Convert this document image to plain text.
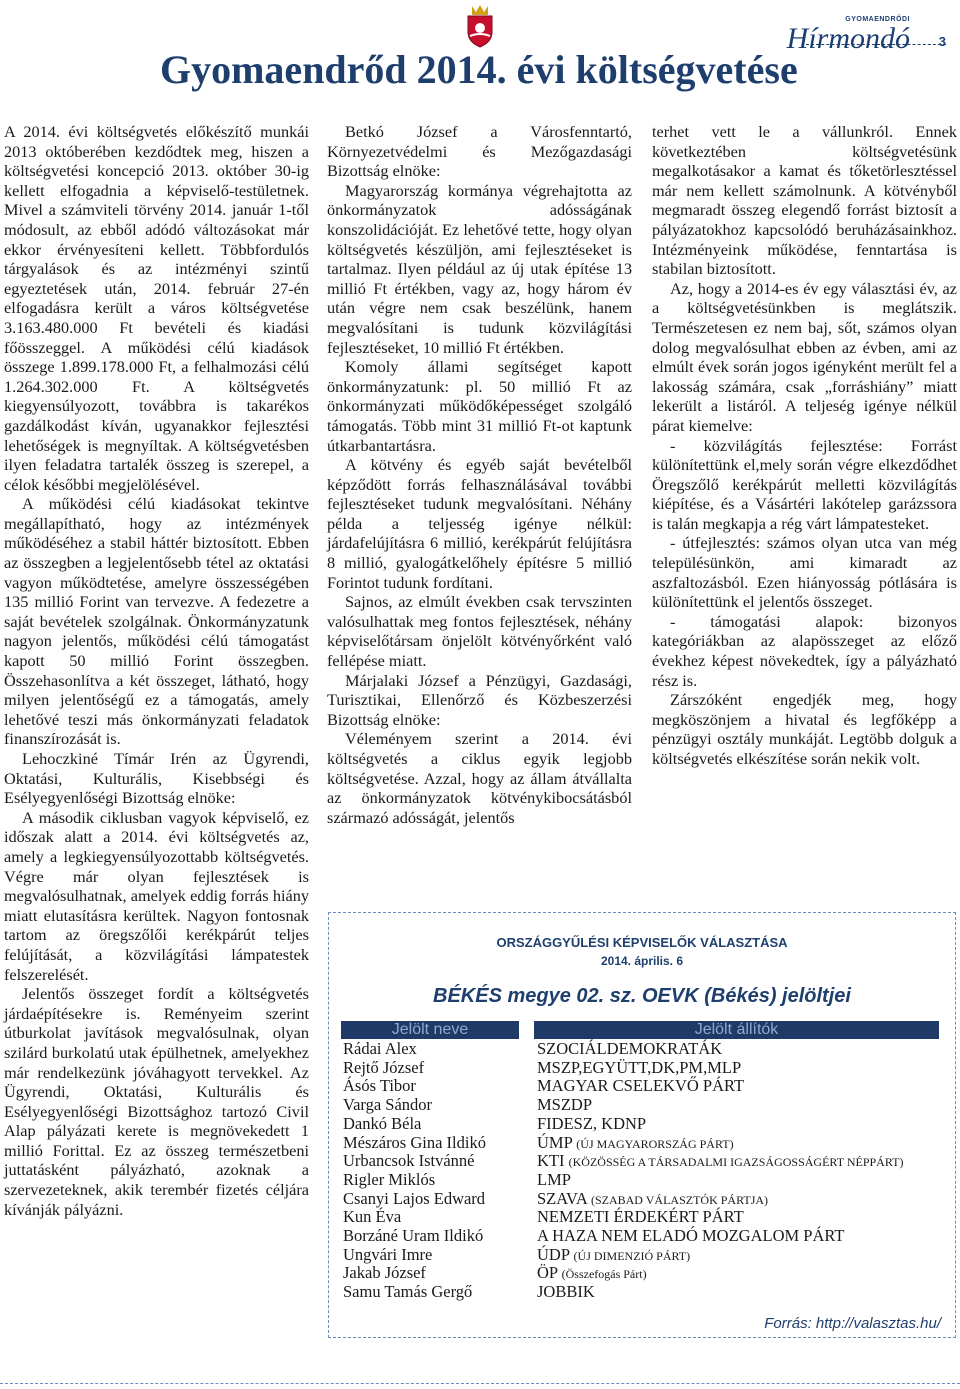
GYOMAENDRŐDI
Hírmondó 3
Gyomaendrőd 2014. évi költségvetése

A 2014. évi költségvetés előkészítő munkái 2013 októberében kezdődtek meg, hiszen a költségvetési koncepció 2013. október 30-ig kellett elfogadnia a képviselő-testületnek. Mivel a számviteli törvény 2014. január 1-től módosult, az ebből adódó változásokat már ekkor érvényesíteni kellett. Többfordulós tárgyalások és az intézményi szintű egyeztetések után, 2014. február 27-én elfogadásra került a város költségvetése 3.163.480.000 Ft bevételi és kiadási főösszeggel. A működési célú kiadások összege 1.899.178.000 Ft, a felhalmozási célú 1.264.302.000 Ft. A költségvetés kiegyensúlyozott, továbbra is takarékos gazdálkodást kíván, ugyanakkor fejlesztési lehetőségek is megnyíltak. A költségvetésben ilyen feladatra tartalék összeg is szerepel, a célok későbbi megjelölésével.

A működési célú kiadásokat tekintve megállapítható, hogy az intézmények működéséhez a stabil háttér biztosított. Ebben az összegben a legjelentősebb tétel az oktatási vagyon működtetése, amelyre összességében 135 millió Forint van tervezve. A fedezetre a saját bevételek szolgálnak. Önkormányzatunk nagyon jelentős, működési célú támogatást kapott 50 millió Forint összegben. Összehasonlítva a két összeget, látható, hogy milyen jelentőségű ez a támogatás, amely lehetővé teszi más önkormányzati feladatok finanszírozását is.

Lehoczkiné Tímár Irén az Ügyrendi, Oktatási, Kulturális, Kisebbségi és Esélyegyenlőségi Bizottság elnöke:

A második ciklusban vagyok képviselő, ez időszak alatt a 2014. évi költségvetés az, amely a legkiegyensúlyozottabb költségvetés. Végre már olyan fejlesztések is megvalósulhatnak, amelyek eddig forrás hiány miatt elutasításra kerültek. Nagyon fontosnak tartom az öregszőlői kerékpárút teljes felújítását, a közvilágítási lámpatestek felszerelését.

Jelentős összeget fordít a költségvetés járdaépítésekre is. Reményeim szerint útburkolat javítások megvalósulnak, olyan szilárd burkolatú utak épülhetnek, amelyekhez már rendelkezünk jóváhagyott tervekkel. Az Ügyrendi, Oktatási, Kulturális és Esélyegyenlőségi Bizottsághoz tartozó Civil Alap pályázati kerete is megnövekedett 1 millió Forittal. Ez az összeg természetbeni juttatásként pályázható, azoknak a szervezeteknek, akik terembér fizetés céljára kívánják pályázni.

Betkó József a Városfenntartó, Környezetvédelmi és Mezőgazdasági Bizottság elnöke:

Magyarország kormánya végrehajtotta az önkormányzatok adósságának konszolidációját. Ez lehetővé tette, hogy olyan költségvetés készüljön, ami fejlesztéseket is tartalmaz. Ilyen például az új utak építése 13 millió Ft értékben, vagy az, hogy három év után végre nem csak beszélünk, hanem megvalósítani is tudunk közvilágítási fejlesztéseket, 10 millió Ft értékben.

Komoly állami segítséget kapott önkormányzatunk: pl. 50 millió Ft az önkormányzati működőképességet szolgáló támogatás. Több mint 31 millió Ft-ot kaptunk útkarbantartásra.

A kötvény és egyéb saját bevételből képződött forrás felhasználásával további fejlesztéseket tudunk megvalósítani. Néhány példa a teljesség igénye nélkül: járdafelújításra 6 millió, kerékpárút felújításra 8 millió, gyalogátkelőhely építésre 5 millió Forintot tudunk fordítani.

Sajnos, az elmúlt években csak tervszinten valósulhattak meg fontos fejlesztések, néhány képviselőtársam önjelölt kötvényőrként való fellépése miatt.

Márjalaki József a Pénzügyi, Gazdasági, Turisztikai, Ellenőrző és Közbeszerzési Bizottság elnöke:

Véleményem szerint a 2014. évi költségvetés a ciklus egyik legjobb költségvetése. Azzal, hogy az állam átvállalta az önkormányzatok kötvénykibocsátásból származó adósságát, jelentős

terhet vett le a vállunkról. Ennek következtében költségvetésünk megalkotásakor a kamat és tőketörlesztéssel már nem kellett számolnunk. A kötvényből megmaradt összeg elegendő forrást biztosít a pályázatokhoz kapcsolódó beruházásainkhoz. Intézményeink működése, fenntartása is stabilan biztosított.

Az, hogy a 2014-es év egy választási év, az a költségvetésünkben is meglátszik. Természetesen ez nem baj, sőt, számos olyan dolog megvalósulhat ebben az évben, ami az elmúlt évek során jogos igényként merült fel a lakosság számára, csak „forráshiány” miatt lekerült a listáról. A teljeség igénye nélkül párat kiemelve:

- közvilágítás fejlesztése: Forrást különítettünk el,mely során végre elkezdődhet Öregszőlő kerékpárút melletti közvilágítás kiépítése, és a Vásártéri lakótelep garázssora is talán megkapja a rég várt lámpatesteket.

- útfejlesztés: számos olyan utca van még településünkön, ami kimaradt az aszfaltozásból. Ezen hiányosság pótlására is különítettünk el jelentős összeget.

- támogatási alapok: bizonyos kategóriákban az alapösszeget az előző évekhez képest növekedtek, így a pályázható rész is.

Zárszóként engedjék meg, hogy megköszönjem a hivatal és legfőképp a pénzügyi osztály munkáját. Legtöbb dolguk a költségvetés elkészítése során nekik volt.

ORSZÁGGYŰLÉSI KÉPVISELŐK VÁLASZTÁSA
2014. április. 6
BÉKÉS megye 02. sz. OEVK (Békés) jelöltjei
Jelölt neve	Jelölt állítók
Rádai Alex	SZOCIÁLDEMOKRATÁK
Rejtő József	MSZP,EGYÜTT,DK,PM,MLP
Ásós Tibor	MAGYAR CSELEKVŐ PÁRT
Varga Sándor	MSZDP
Dankó Béla	FIDESZ, KDNP
Mészáros Gina Ildikó	ÚMP (ÚJ MAGYARORSZÁG PÁRT)
Urbancsok Istvánné	KTI (KÖZÖSSÉG A TÁRSADALMI IGAZSÁGOSSÁGÉRT NÉPPÁRT)
Rigler Miklós	LMP
Csanyi Lajos Edward	SZAVA (SZABAD VÁLASZTÓK PÁRTJA)
Kun Éva	NEMZETI ÉRDEKÉRT PÁRT
Borzáné Uram Ildikó	A HAZA NEM ELADÓ MOZGALOM PÁRT
Ungvári Imre	ÚDP (ÚJ DIMENZIÓ PÁRT)
Jakab József	ÖP (Összefogás Párt)
Samu Tamás Gergő	JOBBIK
Forrás: http://valasztas.hu/
